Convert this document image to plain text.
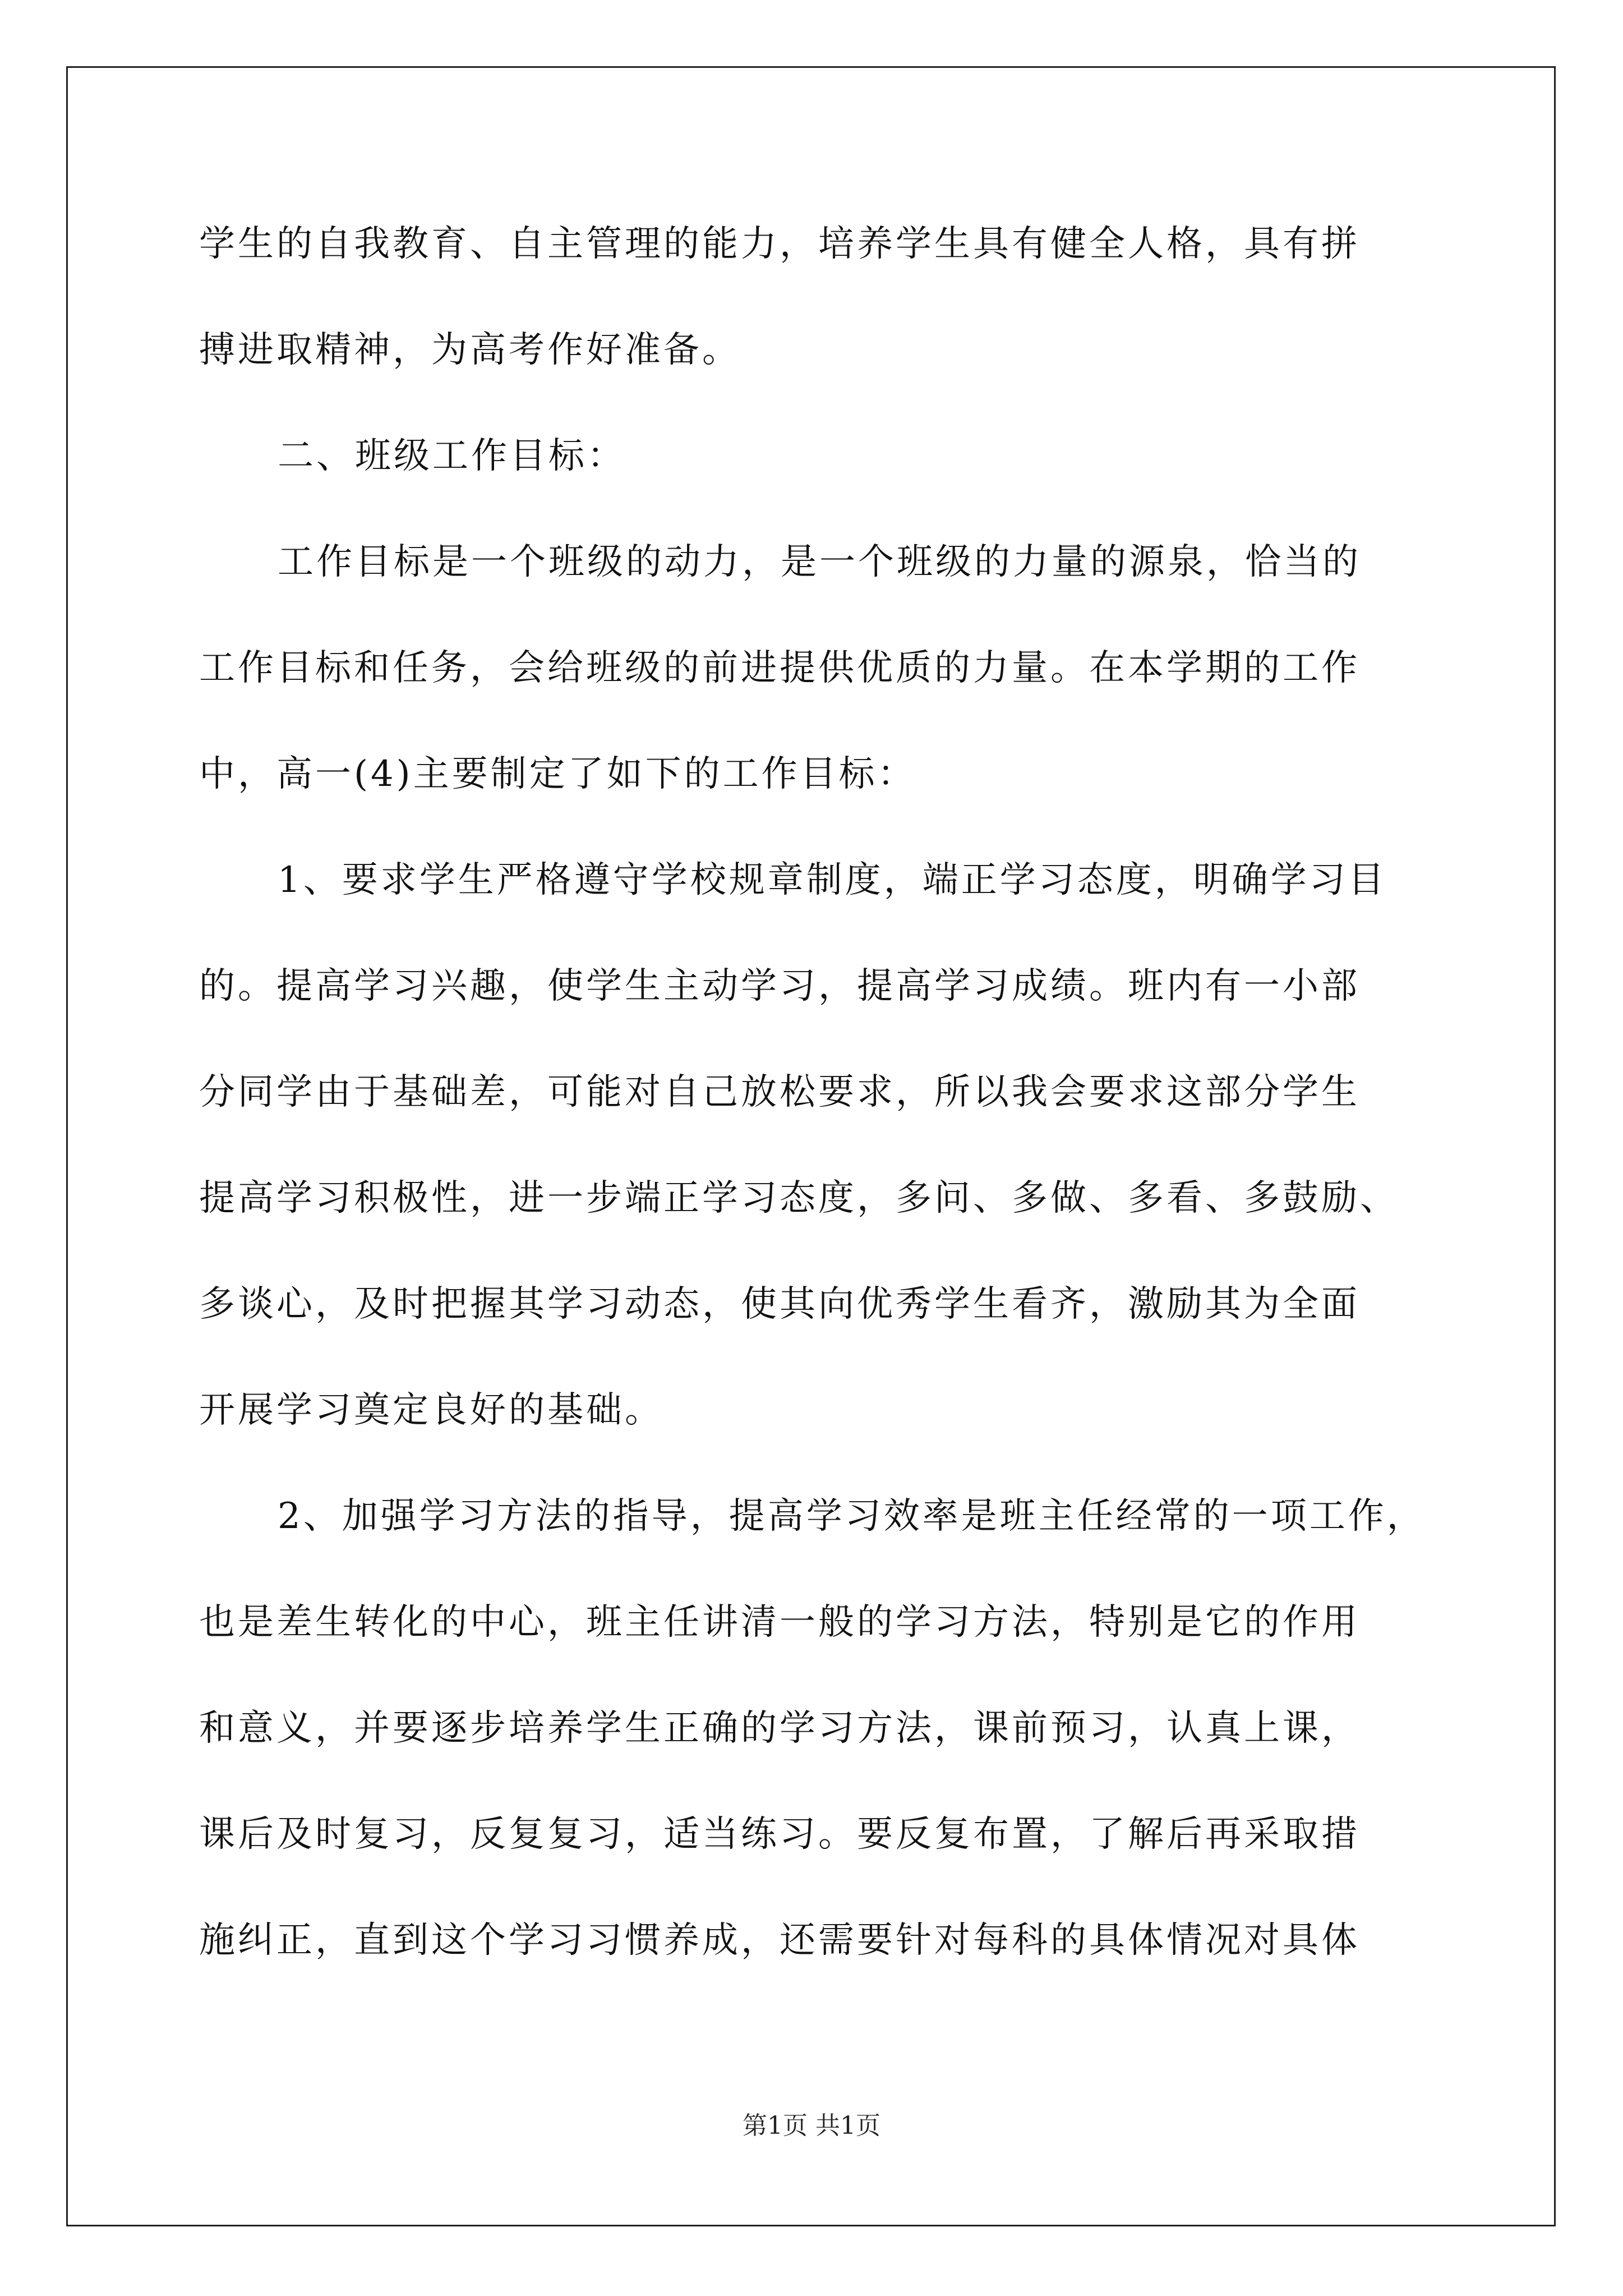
学生的自我教育、自主管理的能力，培养学生具有健全人格，具有拼
搏进取精神，为高考作好准备。
二、班级工作目标：
工作目标是一个班级的动力，是一个班级的力量的源泉，恰当的
工作目标和任务，会给班级的前进提供优质的力量。在本学期的工作
中，高一(4)主要制定了如下的工作目标：
1、要求学生严格遵守学校规章制度，端正学习态度，明确学习目
的。提高学习兴趣，使学生主动学习，提高学习成绩。班内有一小部
分同学由于基础差，可能对自己放松要求，所以我会要求这部分学生
提高学习积极性，进一步端正学习态度，多问、多做、多看、多鼓励、
多谈心，及时把握其学习动态，使其向优秀学生看齐，激励其为全面
开展学习奠定良好的基础。
2、加强学习方法的指导，提高学习效率是班主任经常的一项工作，
也是差生转化的中心，班主任讲清一般的学习方法，特别是它的作用
和意义，并要逐步培养学生正确的学习方法，课前预习，认真上课，
课后及时复习，反复复习，适当练习。要反复布置，了解后再采取措
施纠正，直到这个学习习惯养成，还需要针对每科的具体情况对具体
第1页 共1页
